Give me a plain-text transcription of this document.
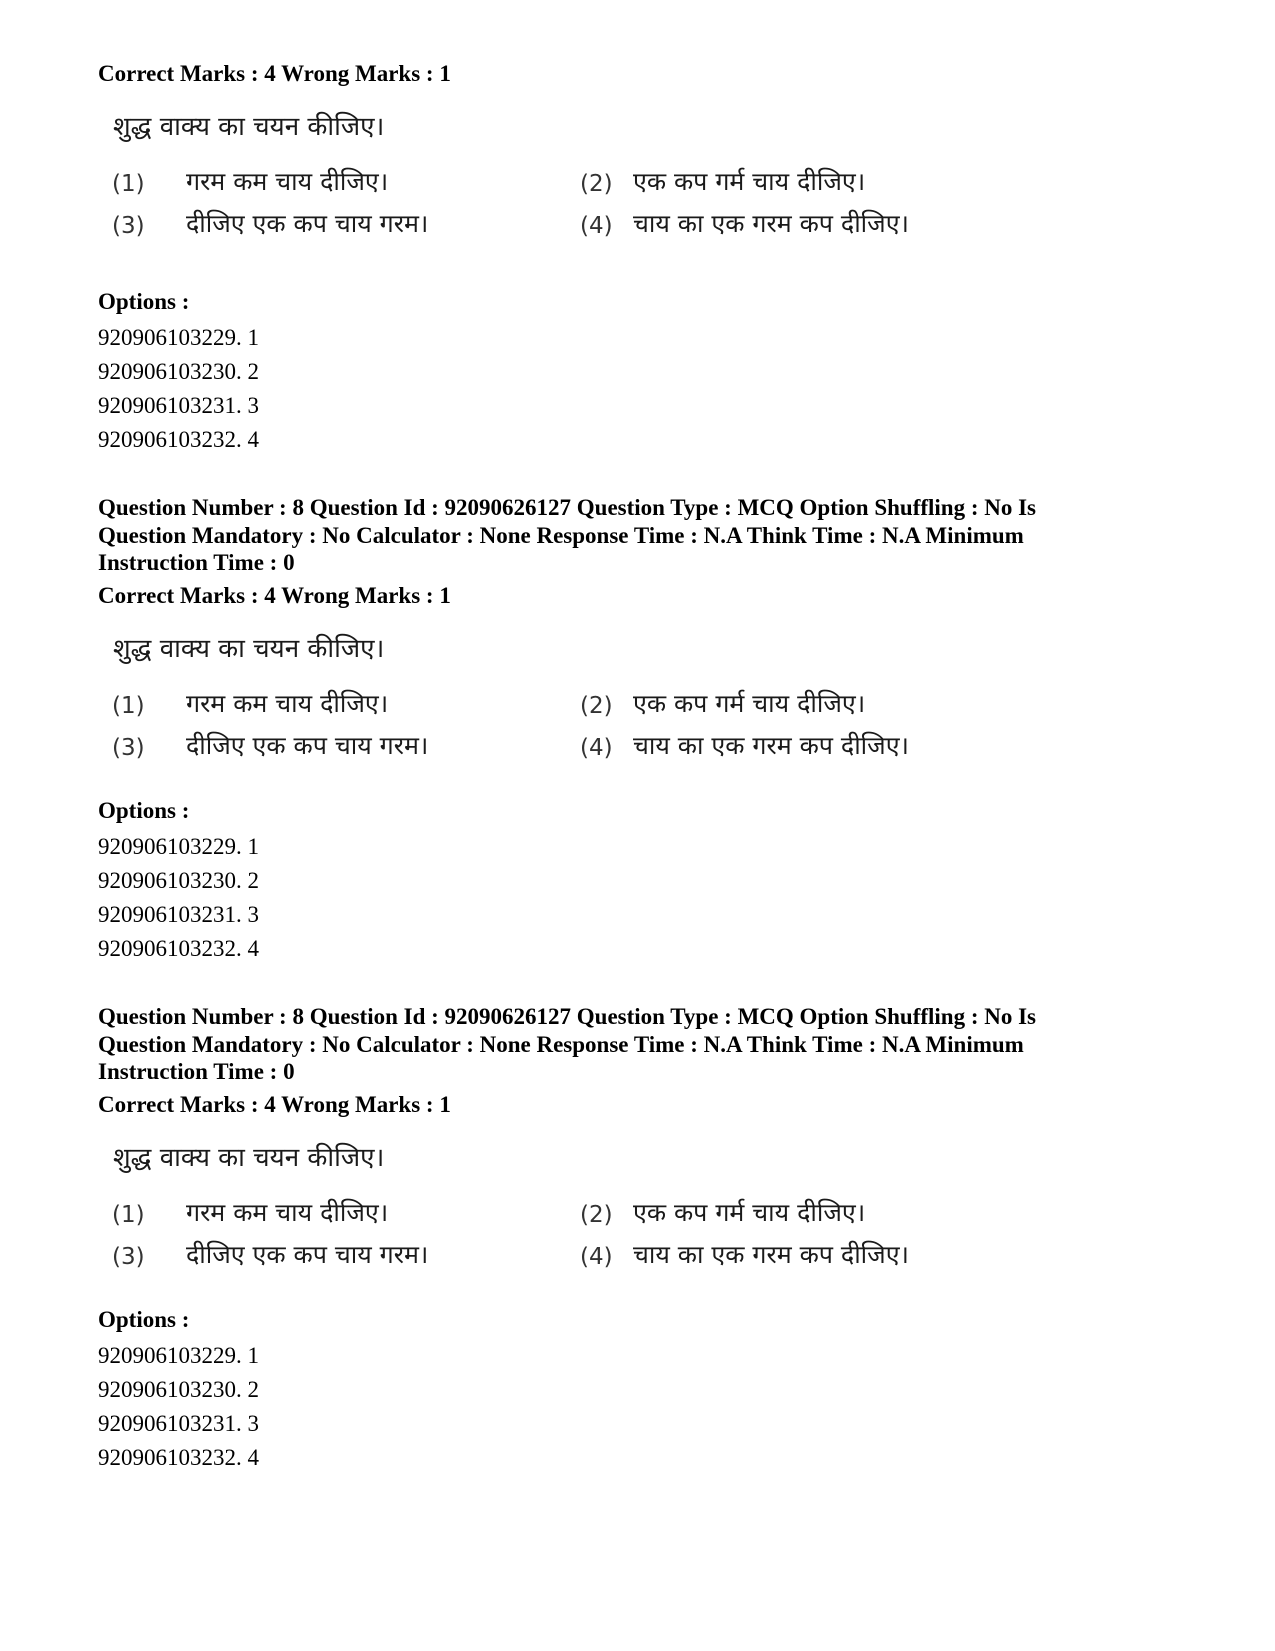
Correct Marks : 4 Wrong Marks : 1

शुद्ध वाक्य का चयन कीजिए।
(1) गरम कम चाय दीजिए।	(2) एक कप गर्म चाय दीजिए।
(3) दीजिए एक कप चाय गरम।	(4) चाय का एक गरम कप दीजिए।

Options :

920906103229. 1

920906103230. 2

920906103231. 3

920906103232. 4

Question Number : 8 Question Id : 92090626127 Question Type : MCQ Option Shuffling : No Is

Question Mandatory : No Calculator : None Response Time : N.A Think Time : N.A Minimum

Instruction Time : 0

Correct Marks : 4 Wrong Marks : 1

शुद्ध वाक्य का चयन कीजिए।
(1) गरम कम चाय दीजिए।	(2) एक कप गर्म चाय दीजिए।
(3) दीजिए एक कप चाय गरम।	(4) चाय का एक गरम कप दीजिए।

Options :

920906103229. 1

920906103230. 2

920906103231. 3

920906103232. 4

Question Number : 8 Question Id : 92090626127 Question Type : MCQ Option Shuffling : No Is

Question Mandatory : No Calculator : None Response Time : N.A Think Time : N.A Minimum

Instruction Time : 0

Correct Marks : 4 Wrong Marks : 1

शुद्ध वाक्य का चयन कीजिए।
(1) गरम कम चाय दीजिए।	(2) एक कप गर्म चाय दीजिए।
(3) दीजिए एक कप चाय गरम।	(4) चाय का एक गरम कप दीजिए।

Options :

920906103229. 1

920906103230. 2

920906103231. 3

920906103232. 4
